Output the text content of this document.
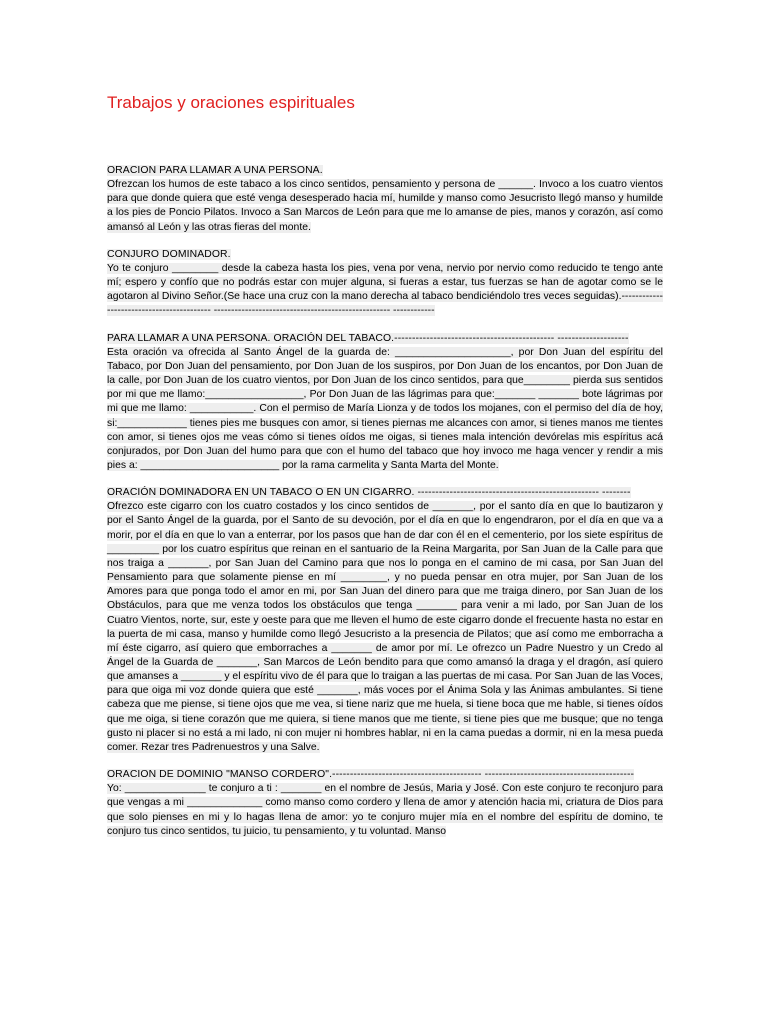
Trabajos y oraciones espirituales

ORACION PARA LLAMAR A UNA PERSONA.

Ofrezcan los humos de este tabaco a los cinco sentidos, pensamiento y persona de ______. Invoco a los cuatro vientos para que donde quiera que esté venga desesperado hacia mí, humilde y manso como Jesucristo llegó manso y humilde a los pies de Poncio Pilatos. Invoco a San Marcos de León para que me lo amanse de pies, manos y corazón, así como amansó al León y las otras fieras del monte.

CONJURO DOMINADOR.

Yo te conjuro ________ desde la cabeza hasta los pies, vena por vena, nervio por nervio como reducido te tengo ante mí; espero y confío que no podrás estar con mujer alguna, si fueras a estar, tus fuerzas se han de agotar como se le agotaron al Divino Señor.(Se hace una cruz con la mano derecha al tabaco bendiciéndolo tres veces seguidas).------------------------------------------ --------------------------------------------------- ------------

PARA LLAMAR A UNA PERSONA. ORACIÓN DEL TABACO.--------------------------------------------- --------------------

Esta oración va ofrecida al Santo Ángel de la guarda de: ____________________, por Don Juan del espíritu del Tabaco, por Don Juan del pensamiento, por Don Juan de los suspiros, por Don Juan de los encantos, por Don Juan de la calle, por Don Juan de los cuatro vientos, por Don Juan de los cinco sentidos, para que________ pierda sus sentidos por mi que me llamo:_________________, Por Don Juan de las lágrimas para que:_______ _______ bote lágrimas por mi que me llamo: ___________. Con el permiso de María Lionza y de todos los mojanes, con el permiso del día de hoy, si:____________ tienes pies me busques con amor, si tienes piernas me alcances con amor, si tienes manos me tientes con amor, si tienes ojos me veas cómo si tienes oídos me oigas, si tienes mala intención devórelas mis espíritus acá conjurados, por Don Juan del humo para que con el humo del tabaco que hoy invoco me haga vencer y rendir a mis pies a: ________________________ por la rama carmelita y Santa Marta del Monte.

ORACIÓN DOMINADORA EN UN TABACO O EN UN CIGARRO. --------------------------------------------------- --------

Ofrezco este cigarro con los cuatro costados y los cinco sentidos de _______, por el santo día en que lo bautizaron y por el Santo Ángel de la guarda, por el Santo de su devoción, por el día en que lo engendraron, por el día en que va a morir, por el día en que lo van a enterrar, por los pasos que han de dar con él en el cementerio, por los siete espíritus de _________ por los cuatro espíritus que reinan en el santuario de la Reina Margarita, por San Juan de la Calle para que nos traiga a _______, por San Juan del Camino para que nos lo ponga en el camino de mi casa, por San Juan del Pensamiento para que solamente piense en mí ________, y no pueda pensar en otra mujer, por San Juan de los Amores para que ponga todo el amor en mi, por San Juan del dinero para que me traiga dinero, por San Juan de los Obstáculos, para que me venza todos los obstáculos que tenga _______ para venir a mi lado, por San Juan de los Cuatro Vientos, norte, sur, este y oeste para que me lleven el humo de este cigarro donde el frecuente hasta no estar en la puerta de mi casa, manso y humilde como llegó Jesucristo a la presencia de Pilatos; que así como me emborracha a mí éste cigarro, así quiero que emborraches a _______ de amor por mí. Le ofrezco un Padre Nuestro y un Credo al Ángel de la Guarda de _______, San Marcos de León bendito para que como amansó la draga y el dragón, así quiero que amanses a _______ y el espíritu vivo de él para que lo traigan a las puertas de mi casa. Por San Juan de las Voces, para que oiga mi voz donde quiera que esté _______, más voces por el Ánima Sola y las Ánimas ambulantes. Si tiene cabeza que me piense, si tiene ojos que me vea, si tiene nariz que me huela, si tiene boca que me hable, si tienes oídos que me oiga, si tiene corazón que me quiera, si tiene manos que me tiente, si tiene pies que me busque; que no tenga gusto ni placer si no está a mi lado, ni con mujer ni hombres hablar, ni en la cama puedas a dormir, ni en la mesa pueda comer. Rezar tres Padrenuestros y una Salve.

ORACION DE DOMINIO "MANSO CORDERO".------------------------------------------ ------------------------------------------

Yo: ______________ te conjuro a ti : _______ en el nombre de Jesús, Maria y José. Con este conjuro te reconjuro para que vengas a mi _____________ como manso como cordero y llena de amor y atención hacia mi, criatura de Dios para que solo pienses en mi y lo hagas llena de amor: yo te conjuro mujer mía en el nombre del espíritu de domino, te conjuro tus cinco sentidos, tu juicio, tu pensamiento, y tu voluntad. Manso
